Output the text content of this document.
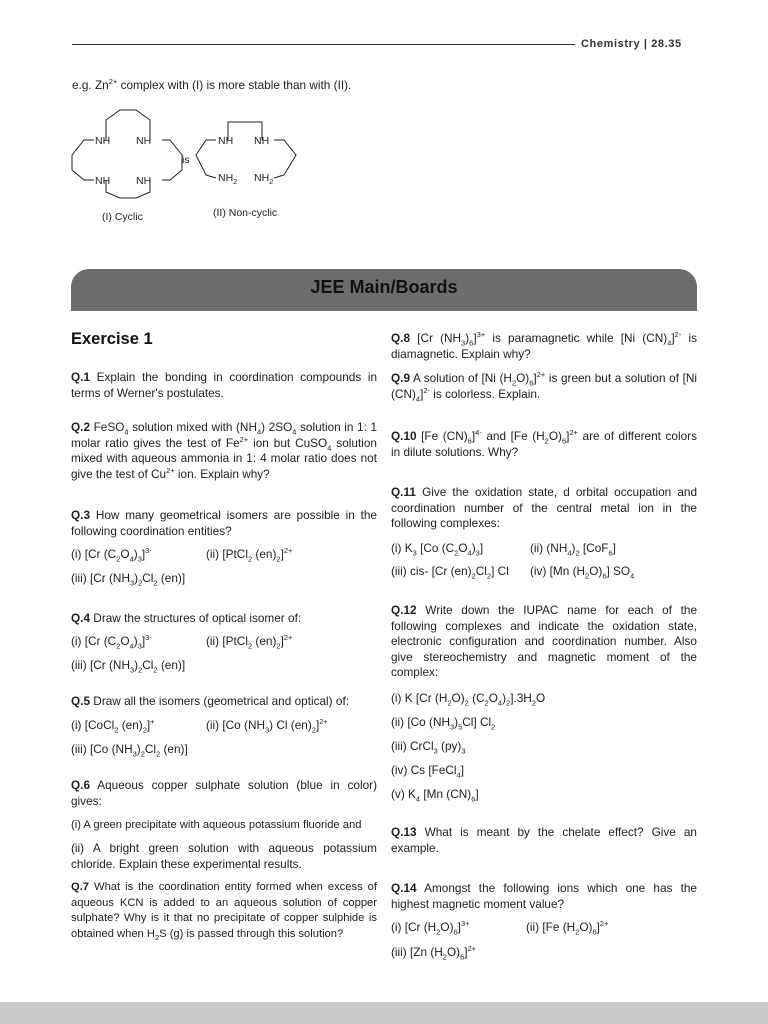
Chemistry | 28.35
e.g. $Zn^{2+}$ complex with (I) is more stable than with (II).
NH NH
NH NH
is
NH NH
$NH_2$ $NH_2$
(I) Cyclic	(II) Non-cyclic
JEE Main/Boards
Exercise 1
Q.1 Explain the bonding in coordination compounds in terms of Werner's postulates.
Q.2 FeSO$_4$ solution mixed with $(NH_4)$ $2SO_4$ solution in 1: 1 molar ratio gives the test of $Fe^{2+}$ ion but CuSO$_4$ solution mixed with aqueous ammonia in 1: 4 molar ratio does not give the test of $Cu^{2+}$ ion. Explain why?
Q.3 How many geometrical isomers are possible in the following coordination entities?
(i) [Cr $(C_2O_4)_3]^{3-}$	(ii) [PtCl$_2$ $(en)_2]^{2+}$
(iii) [Cr $(NH_3)_2Cl_2$ (en)]
Q.4 Draw the structures of optical isomer of:
(i) [Cr $(C_2O_4)_3]^{3-}$	(ii) [PtCl$_2$ $(en)_2]^{2+}$
(iii) [Cr $(NH_3)_2Cl_2$ (en)]
Q.5 Draw all the isomers (geometrical and optical) of:
(i) [CoCl$_2$ $(en)_2]^+$	(ii) [Co $(NH_3)$ Cl $(en)_2]^{2+}$
(iii) [Co $(NH_3)_2Cl_2$ (en)]
Q.6 Aqueous copper sulphate solution (blue in color) gives:
(i) A green precipitate with aqueous potassium fluoride and
(ii) A bright green solution with aqueous potassium chloride. Explain these experimental results.
Q.7 What is the coordination entity formed when excess of aqueous KCN is added to an aqueous solution of copper sulphate? Why is it that no precipitate of copper sulphide is obtained when $H_2S$ (g) is passed through this solution?
Q.8 [Cr $(NH_3)_6]^{3+}$ is paramagnetic while [Ni $(CN)_4]^{2-}$ is diamagnetic. Explain why?
Q.9 A solution of [Ni $(H_2O)_6]^{2+}$ is green but a solution of [Ni $(CN)_4]^{2-}$ is colorless. Explain.
Q.10 [Fe $(CN)_6]^{4-}$ and [Fe $(H_2O)_6]^{2+}$ are of different colors in dilute solutions. Why?
Q.11 Give the oxidation state, d orbital occupation and coordination number of the central metal ion in the following complexes:
(i) $K_3$ [Co $(C_2O_4)_3$]	(ii) $(NH_4)_2$ [CoF$_6$]
(iii) cis- [Cr $(en)_2Cl_2$] Cl (iv) [Mn $(H_2O)_6$] $SO_4$
Q.12 Write down the IUPAC name for each of the following complexes and indicate the oxidation state, electronic configuration and coordination number. Also give stereochemistry and magnetic moment of the complex:
(i) K [Cr $(H_2O)_2$ $(C_2O_4)_2].3H_2O$
(ii) [Co $(NH_3)_5Cl$] $Cl_2$
(iii) CrCl$_3$ $(py)_3$
(iv) Cs [FeCl$_4$]
(v) $K_4$ [Mn $(CN)_6$]
Q.13 What is meant by the chelate effect? Give an example.
Q.14 Amongst the following ions which one has the highest magnetic moment value?
(i) [Cr $(H_2O)_6]^{3+}$	(ii) [Fe $(H_2O)_6]^{2+}$
(iii) [Zn $(H_2O)_6]^{2+}$
